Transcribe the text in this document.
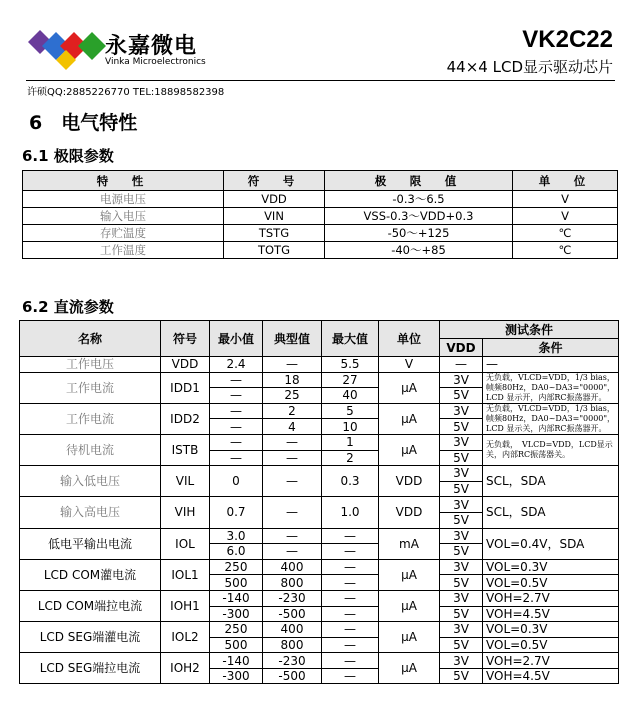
永嘉微电
Vinka Microelectronics
VK2C22
44×4 LCD显示驱动芯片
许硕QQ:2885226770 TEL:18898582398
6　电气特性
6.1 极限参数
特　性	符　号	极　限　值	单　位
电源电压	VDD	-0.3～6.5	V
输入电压	VIN	VSS-0.3～VDD+0.3	V
存贮温度	TSTG	-50～+125	℃
工作温度	TOTG	-40～+85	℃
6.2 直流参数
名称	符号	最小值	典型值	最大值	单位	测试条件	
						VDD	条件
工作电压	VDD	2.4	—	5.5	V	—	—
工作电流	IDD1	—	18	27	μA	3V	无负载，VLCD=VDD，1/3 bias，帧频80Hz，DA0~DA3="0000"，LCD 显示开，内部RC振荡器开。
		—	25	40		5V	
工作电流	IDD2	—	2	5	μA	3V	无负载，VLCD=VDD，1/3 bias，帧频80Hz，DA0~DA3="0000"，LCD 显示关，内部RC振荡器开。
		—	4	10		5V	
待机电流	ISTB	—	—	1	μA	3V	无负载，　VLCD=VDD，LCD显示关，内部RC振荡器关。
		—	—	2		5V	
输入低电压	VIL	0	—	0.3	VDD	3V	SCL，SDA
						5V	
输入高电压	VIH	0.7	—	1.0	VDD	3V	SCL，SDA
						5V	
低电平输出电流	IOL	3.0	—	—	mA	3V	VOL=0.4V，SDA
		6.0	—	—		5V	
LCD COM灌电流	IOL1	250	400	—	μA	3V	VOL=0.3V
		500	800	—		5V	VOL=0.5V
LCD COM端拉电流	IOH1	-140	-230	—	μA	3V	VOH=2.7V
		-300	-500	—		5V	VOH=4.5V
LCD SEG端灌电流	IOL2	250	400	—	μA	3V	VOL=0.3V
		500	800	—		5V	VOL=0.5V
LCD SEG端拉电流	IOH2	-140	-230	—	μA	3V	VOH=2.7V
		-300	-500	—		5V	VOH=4.5V
